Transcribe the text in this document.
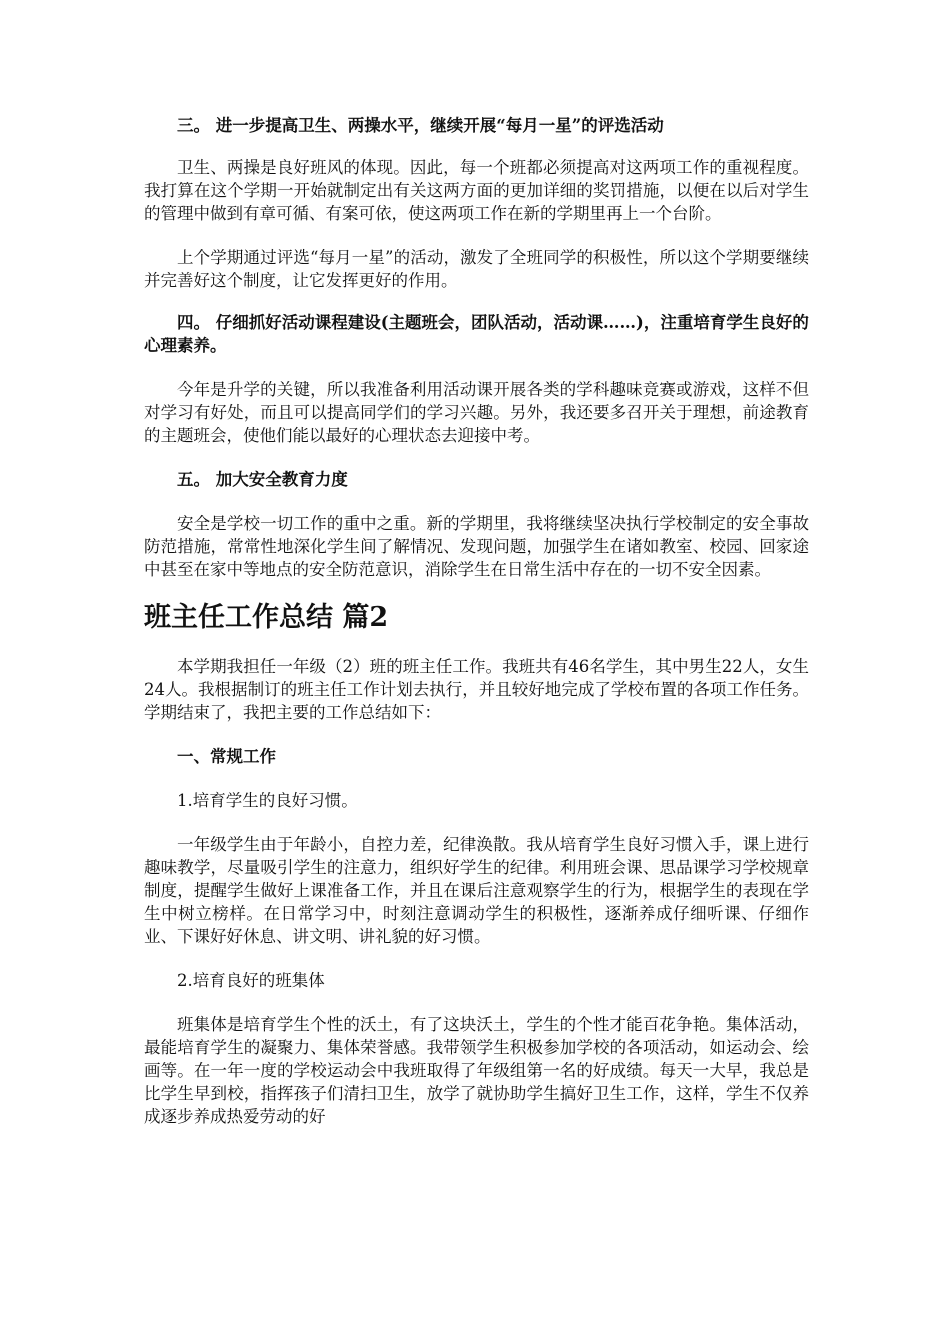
三。 进一步提高卫生、两操水平，继续开展“每月一星”的评选活动

卫生、两操是良好班风的体现。因此，每一个班都必须提高对这两项工作的重视程度。我打算在这个学期一开始就制定出有关这两方面的更加详细的奖罚措施，以便在以后对学生的管理中做到有章可循、有案可依，使这两项工作在新的学期里再上一个台阶。

上个学期通过评选“每月一星”的活动，激发了全班同学的积极性，所以这个学期要继续并完善好这个制度，让它发挥更好的作用。

四。 仔细抓好活动课程建设(主题班会，团队活动，活动课……)，注重培育学生良好的心理素养。

今年是升学的关键，所以我准备利用活动课开展各类的学科趣味竞赛或游戏，这样不但对学习有好处，而且可以提高同学们的学习兴趣。另外，我还要多召开关于理想，前途教育的主题班会，使他们能以最好的心理状态去迎接中考。

五。 加大安全教育力度

安全是学校一切工作的重中之重。新的学期里，我将继续坚决执行学校制定的安全事故防范措施，常常性地深化学生间了解情况、发现问题，加强学生在诸如教室、校园、回家途中甚至在家中等地点的安全防范意识，消除学生在日常生活中存在的一切不安全因素。

班主任工作总结 篇2

本学期我担任一年级（2）班的班主任工作。我班共有46名学生，其中男生22人，女生24人。我根据制订的班主任工作计划去执行，并且较好地完成了学校布置的各项工作任务。学期结束了，我把主要的工作总结如下：

一、常规工作

1.培育学生的良好习惯。

一年级学生由于年龄小，自控力差，纪律涣散。我从培育学生良好习惯入手，课上进行趣味教学，尽量吸引学生的注意力，组织好学生的纪律。利用班会课、思品课学习学校规章制度，提醒学生做好上课准备工作，并且在课后注意观察学生的行为，根据学生的表现在学生中树立榜样。在日常学习中，时刻注意调动学生的积极性，逐渐养成仔细听课、仔细作业、下课好好休息、讲文明、讲礼貌的好习惯。

2.培育良好的班集体

班集体是培育学生个性的沃土，有了这块沃土，学生的个性才能百花争艳。集体活动，最能培育学生的凝聚力、集体荣誉感。我带领学生积极参加学校的各项活动，如运动会、绘画等。在一年一度的学校运动会中我班取得了年级组第一名的好成绩。每天一大早，我总是比学生早到校，指挥孩子们清扫卫生，放学了就协助学生搞好卫生工作，这样，学生不仅养成逐步养成热爱劳动的好
